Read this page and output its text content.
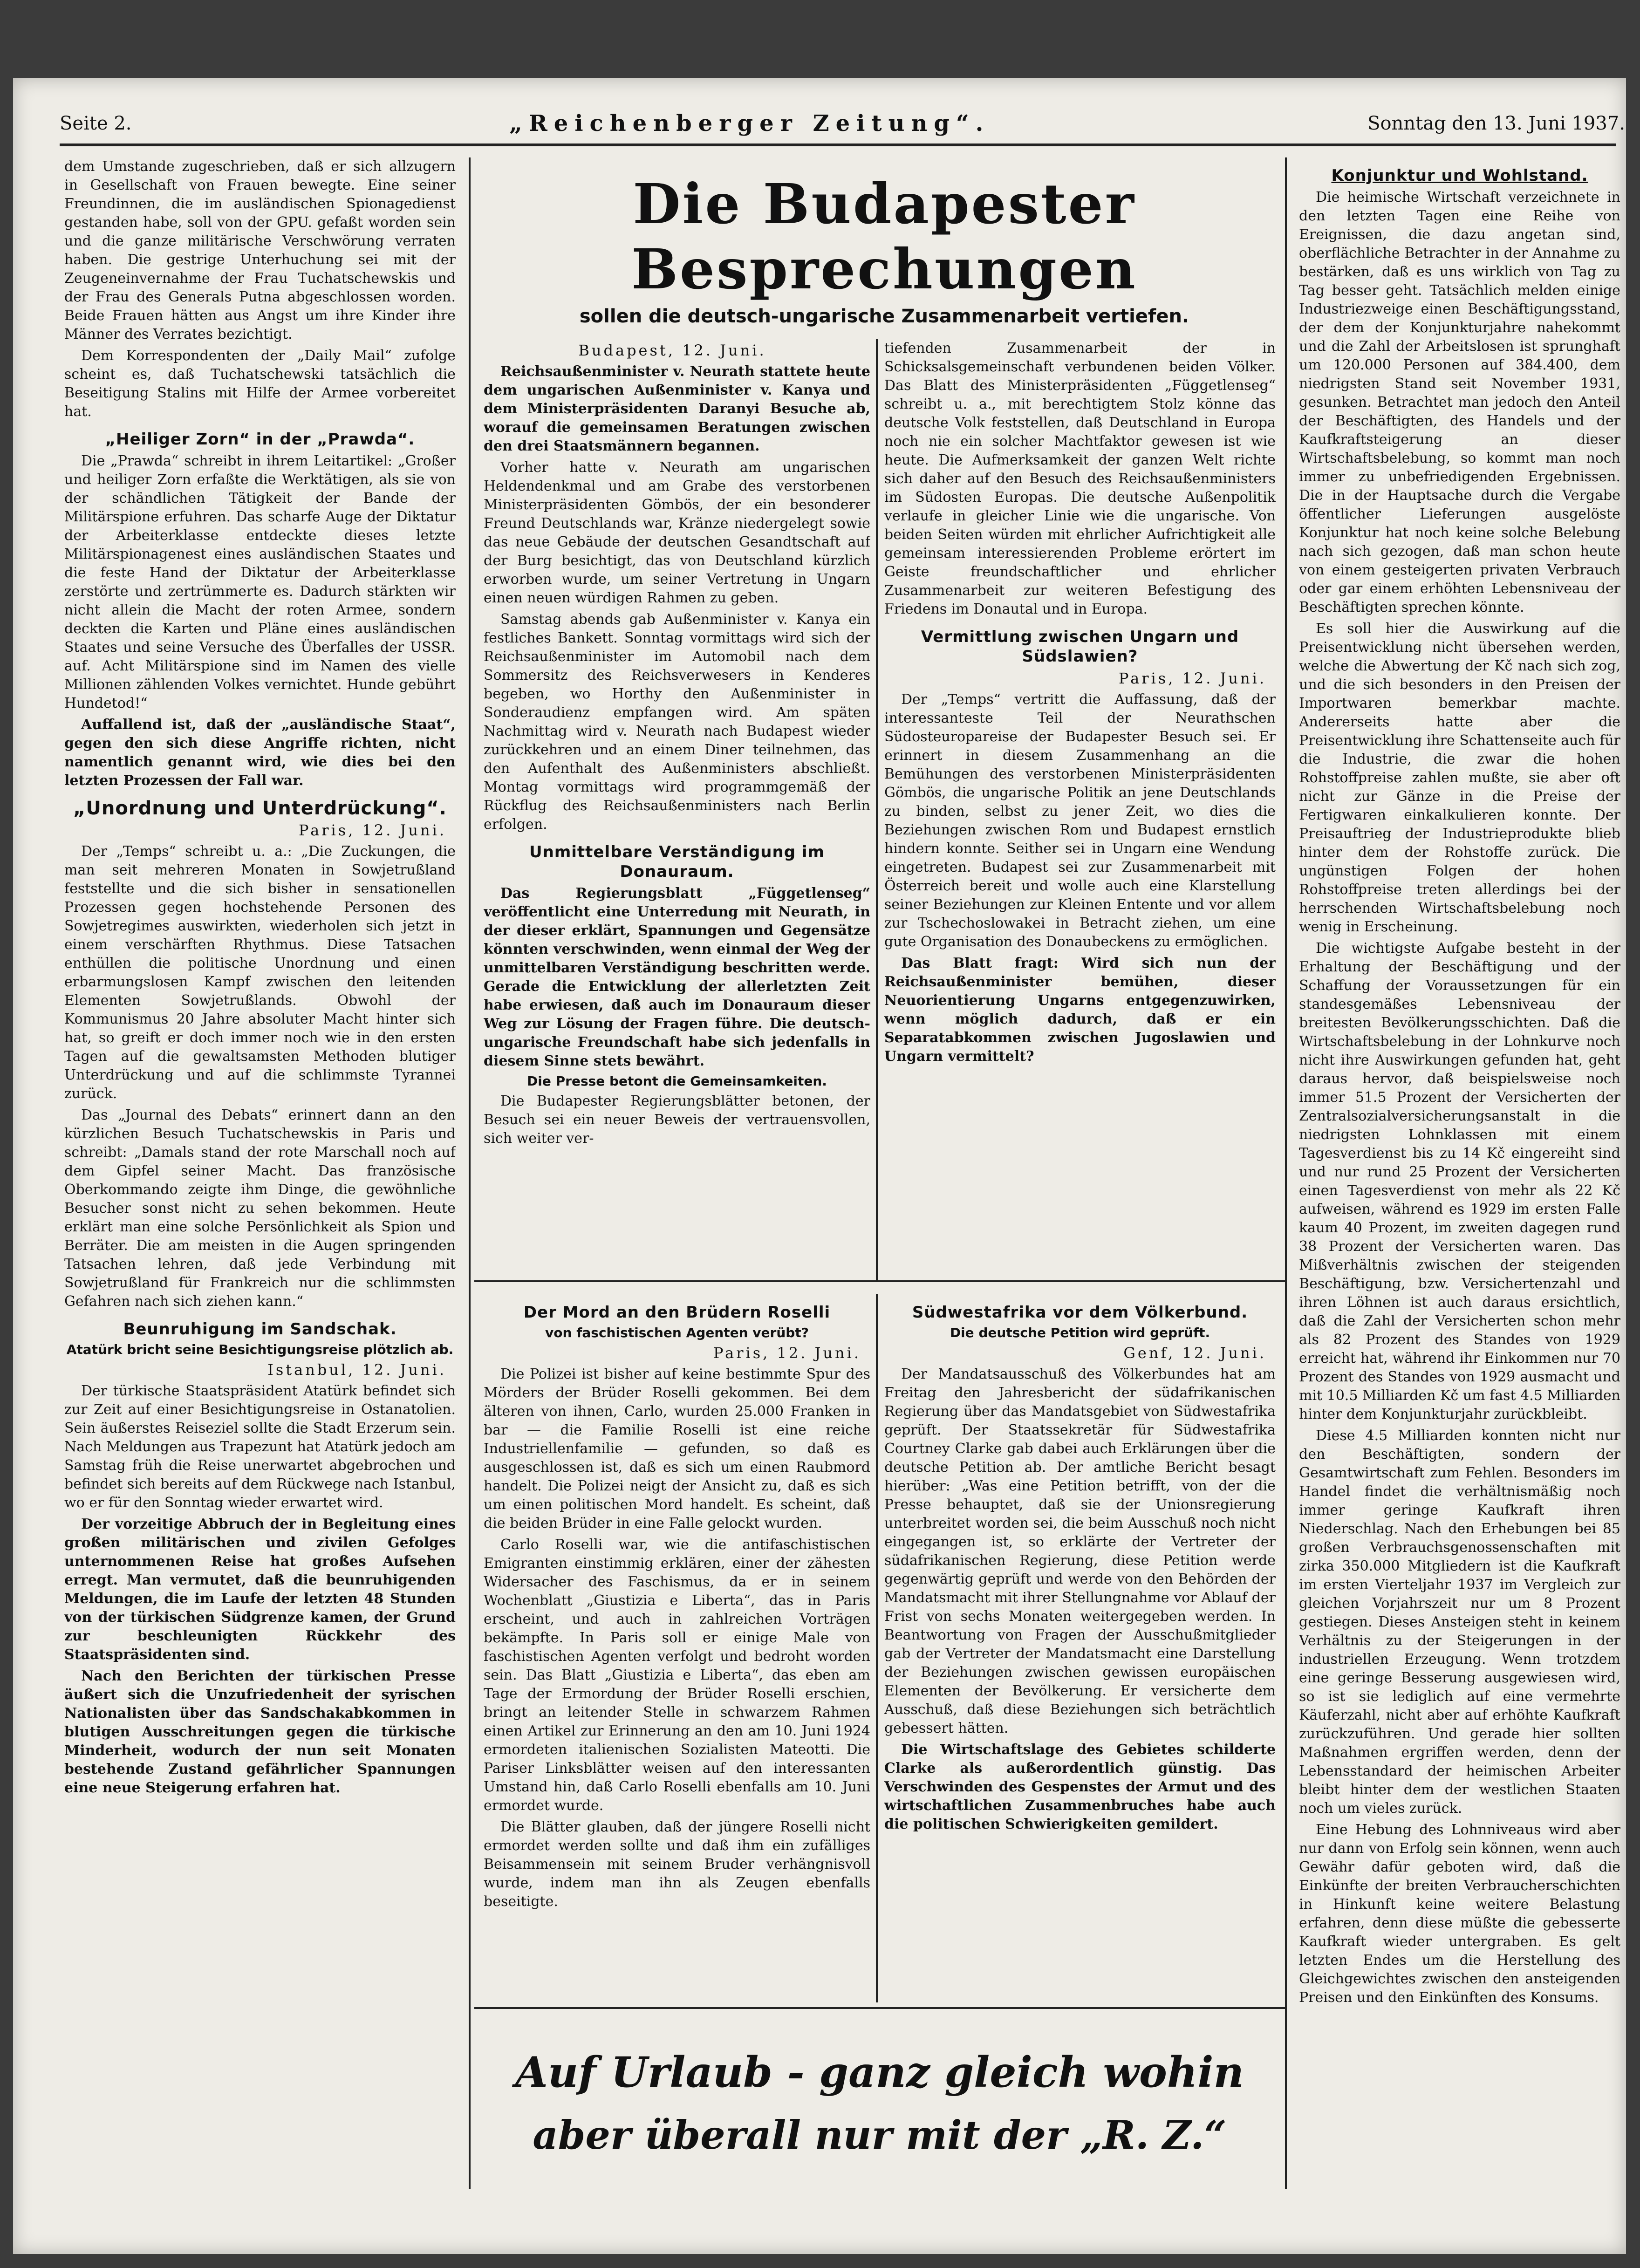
Seite 2.	„Reichenberger Zeitung“.	Sonntag den 13. Juni 1937.

dem Umstande zugeschrieben, daß er sich allzugern in Gesellschaft von Frauen bewegte. Eine seiner Freundinnen, die im ausländischen Spionagedienst gestanden habe, soll von der GPU. gefaßt worden sein und die ganze militärische Verschwörung verraten haben. Die gestrige Unterhuchung sei mit der Zeugeneinvernahme der Frau Tuchatschewskis und der Frau des Generals Putna abgeschlossen worden. Beide Frauen hätten aus Angst um ihre Kinder ihre Männer des Verrates bezichtigt.

Dem Korrespondenten der „Daily Mail“ zufolge scheint es, daß Tuchatschewski tatsächlich die Beseitigung Stalins mit Hilfe der Armee vorbereitet hat.

„Heiliger Zorn“ in der „Prawda“.

Die „Prawda“ schreibt in ihrem Leitartikel: „Großer und heiliger Zorn erfaßte die Werktätigen, als sie von der schändlichen Tätigkeit der Bande der Militärspione erfuhren. Das scharfe Auge der Diktatur der Arbeiterklasse entdeckte dieses letzte Militärspionagenest eines ausländischen Staates und die feste Hand der Diktatur der Arbeiterklasse zerstörte und zertrümmerte es. Dadurch stärkten wir nicht allein die Macht der roten Armee, sondern deckten die Karten und Pläne eines ausländischen Staates und seine Versuche des Überfalles der USSR. auf. Acht Militärspione sind im Namen des vielle Millionen zählenden Volkes vernichtet. Hunde gebührt Hundetod!“

Auffallend ist, daß der „ausländische Staat“, gegen den sich diese Angriffe richten, nicht namentlich genannt wird, wie dies bei den letzten Prozessen der Fall war.

„Unordnung und Unterdrückung“.
Paris, 12. Juni.

Der „Temps“ schreibt u. a.: „Die Zuckungen, die man seit mehreren Monaten in Sowjetrußland feststellte und die sich bisher in sensationellen Prozessen gegen hochstehende Personen des Sowjetregimes auswirkten, wiederholen sich jetzt in einem verschärften Rhythmus. Diese Tatsachen enthüllen die politische Unordnung und einen erbarmungslosen Kampf zwischen den leitenden Elementen Sowjetrußlands. Obwohl der Kommunismus 20 Jahre absoluter Macht hinter sich hat, so greift er doch immer noch wie in den ersten Tagen auf die gewaltsamsten Methoden blutiger Unterdrückung und auf die schlimmste Tyrannei zurück.

Das „Journal des Debats“ erinnert dann an den kürzlichen Besuch Tuchatschewskis in Paris und schreibt: „Damals stand der rote Marschall noch auf dem Gipfel seiner Macht. Das französische Oberkommando zeigte ihm Dinge, die gewöhnliche Besucher sonst nicht zu sehen bekommen. Heute erklärt man eine solche Persönlichkeit als Spion und Berräter. Die am meisten in die Augen springenden Tatsachen lehren, daß jede Verbindung mit Sowjetrußland für Frankreich nur die schlimmsten Gefahren nach sich ziehen kann.“

Beunruhigung im Sandschak.
Atatürk bricht seine Besichtigungsreise plötzlich ab.
Istanbul, 12. Juni.

Der türkische Staatspräsident Atatürk befindet sich zur Zeit auf einer Besichtigungsreise in Ostanatolien. Sein äußerstes Reiseziel sollte die Stadt Erzerum sein. Nach Meldungen aus Trapezunt hat Atatürk jedoch am Samstag früh die Reise unerwartet abgebrochen und befindet sich bereits auf dem Rückwege nach Istanbul, wo er für den Sonntag wieder erwartet wird.

Der vorzeitige Abbruch der in Begleitung eines großen militärischen und zivilen Gefolges unternommenen Reise hat großes Aufsehen erregt. Man vermutet, daß die beunruhigenden Meldungen, die im Laufe der letzten 48 Stunden von der türkischen Südgrenze kamen, der Grund zur beschleunigten Rückkehr des Staatspräsidenten sind.

Nach den Berichten der türkischen Presse äußert sich die Unzufriedenheit der syrischen Nationalisten über das Sandschakabkommen in blutigen Ausschreitungen gegen die türkische Minderheit, wodurch der nun seit Monaten bestehende Zustand gefährlicher Spannungen eine neue Steigerung erfahren hat.

Die Budapester Besprechungen
sollen die deutsch-ungarische Zusammenarbeit vertiefen.
Budapest, 12. Juni.

Reichsaußenminister v. Neurath stattete heute dem ungarischen Außenminister v. Kanya und dem Ministerpräsidenten Daranyi Besuche ab, worauf die gemeinsamen Beratungen zwischen den drei Staatsmännern begannen.

Vorher hatte v. Neurath am ungarischen Heldendenkmal und am Grabe des verstorbenen Ministerpräsidenten Gömbös, der ein besonderer Freund Deutschlands war, Kränze niedergelegt sowie das neue Gebäude der deutschen Gesandtschaft auf der Burg besichtigt, das von Deutschland kürzlich erworben wurde, um seiner Vertretung in Ungarn einen neuen würdigen Rahmen zu geben.

Samstag abends gab Außenminister v. Kanya ein festliches Bankett. Sonntag vormittags wird sich der Reichsaußenminister im Automobil nach dem Sommersitz des Reichsverwesers in Kenderes begeben, wo Horthy den Außenminister in Sonderaudienz empfangen wird. Am späten Nachmittag wird v. Neurath nach Budapest wieder zurückkehren und an einem Diner teilnehmen, das den Aufenthalt des Außenministers abschließt. Montag vormittags wird programmgemäß der Rückflug des Reichsaußenministers nach Berlin erfolgen.

Unmittelbare Verständigung im Donauraum.

Das Regierungsblatt „Függetlenseg“ veröffentlicht eine Unterredung mit Neurath, in der dieser erklärt, Spannungen und Gegensätze könnten verschwinden, wenn einmal der Weg der unmittelbaren Verständigung beschritten werde. Gerade die Entwicklung der allerletzten Zeit habe erwiesen, daß auch im Donauraum dieser Weg zur Lösung der Fragen führe. Die deutsch-ungarische Freundschaft habe sich jedenfalls in diesem Sinne stets bewährt.

Die Presse betont die Gemeinsamkeiten.

Die Budapester Regierungsblätter betonen, der Besuch sei ein neuer Beweis der vertrauensvollen, sich weiter ver-

tiefenden Zusammenarbeit der in Schicksalsgemeinschaft verbundenen beiden Völker. Das Blatt des Ministerpräsidenten „Függetlenseg“ schreibt u. a., mit berechtigtem Stolz könne das deutsche Volk feststellen, daß Deutschland in Europa noch nie ein solcher Machtfaktor gewesen ist wie heute. Die Aufmerksamkeit der ganzen Welt richte sich daher auf den Besuch des Reichsaußenministers im Südosten Europas. Die deutsche Außenpolitik verlaufe in gleicher Linie wie die ungarische. Von beiden Seiten würden mit ehrlicher Aufrichtigkeit alle gemeinsam interessierenden Probleme erörtert im Geiste freundschaftlicher und ehrlicher Zusammenarbeit zur weiteren Befestigung des Friedens im Donautal und in Europa.

Vermittlung zwischen Ungarn und Südslawien?
Paris, 12. Juni.

Der „Temps“ vertritt die Auffassung, daß der interessanteste Teil der Neurathschen Südosteuropareise der Budapester Besuch sei. Er erinnert in diesem Zusammenhang an die Bemühungen des verstorbenen Ministerpräsidenten Gömbös, die ungarische Politik an jene Deutschlands zu binden, selbst zu jener Zeit, wo dies die Beziehungen zwischen Rom und Budapest ernstlich hindern konnte. Seither sei in Ungarn eine Wendung eingetreten. Budapest sei zur Zusammenarbeit mit Österreich bereit und wolle auch eine Klarstellung seiner Beziehungen zur Kleinen Entente und vor allem zur Tschechoslowakei in Betracht ziehen, um eine gute Organisation des Donaubeckens zu ermöglichen.

Das Blatt fragt: Wird sich nun der Reichsaußenminister bemühen, dieser Neuorientierung Ungarns entgegenzuwirken, wenn möglich dadurch, daß er ein Separatabkommen zwischen Jugoslawien und Ungarn vermittelt?

Der Mord an den Brüdern Roselli
von faschistischen Agenten verübt?
Paris, 12. Juni.

Die Polizei ist bisher auf keine bestimmte Spur des Mörders der Brüder Roselli gekommen. Bei dem älteren von ihnen, Carlo, wurden 25.000 Franken in bar — die Familie Roselli ist eine reiche Industriellenfamilie — gefunden, so daß es ausgeschlossen ist, daß es sich um einen Raubmord handelt. Die Polizei neigt der Ansicht zu, daß es sich um einen politischen Mord handelt. Es scheint, daß die beiden Brüder in eine Falle gelockt wurden.

Carlo Roselli war, wie die antifaschistischen Emigranten einstimmig erklären, einer der zähesten Widersacher des Faschismus, da er in seinem Wochenblatt „Giustizia e Liberta“, das in Paris erscheint, und auch in zahlreichen Vorträgen bekämpfte. In Paris soll er einige Male von faschistischen Agenten verfolgt und bedroht worden sein. Das Blatt „Giustizia e Liberta“, das eben am Tage der Ermordung der Brüder Roselli erschien, bringt an leitender Stelle in schwarzem Rahmen einen Artikel zur Erinnerung an den am 10. Juni 1924 ermordeten italienischen Sozialisten Mateotti. Die Pariser Linksblätter weisen auf den interessanten Umstand hin, daß Carlo Roselli ebenfalls am 10. Juni ermordet wurde.

Die Blätter glauben, daß der jüngere Roselli nicht ermordet werden sollte und daß ihm ein zufälliges Beisammensein mit seinem Bruder verhängnisvoll wurde, indem man ihn als Zeugen ebenfalls beseitigte.

Südwestafrika vor dem Völkerbund.
Die deutsche Petition wird geprüft.
Genf, 12. Juni.

Der Mandatsausschuß des Völkerbundes hat am Freitag den Jahresbericht der südafrikanischen Regierung über das Mandatsgebiet von Südwestafrika geprüft. Der Staatssekretär für Südwestafrika Courtney Clarke gab dabei auch Erklärungen über die deutsche Petition ab. Der amtliche Bericht besagt hierüber: „Was eine Petition betrifft, von der die Presse behauptet, daß sie der Unionsregierung unterbreitet worden sei, die beim Ausschuß noch nicht eingegangen ist, so erklärte der Vertreter der südafrikanischen Regierung, diese Petition werde gegenwärtig geprüft und werde von den Behörden der Mandatsmacht mit ihrer Stellungnahme vor Ablauf der Frist von sechs Monaten weitergegeben werden. In Beantwortung von Fragen der Ausschußmitglieder gab der Vertreter der Mandatsmacht eine Darstellung der Beziehungen zwischen gewissen europäischen Elementen der Bevölkerung. Er versicherte dem Ausschuß, daß diese Beziehungen sich beträchtlich gebessert hätten.

Die Wirtschaftslage des Gebietes schilderte Clarke als außerordentlich günstig. Das Verschwinden des Gespenstes der Armut und des wirtschaftlichen Zusammenbruches habe auch die politischen Schwierigkeiten gemildert.

Konjunktur und Wohlstand.

Die heimische Wirtschaft verzeichnete in den letzten Tagen eine Reihe von Ereignissen, die dazu angetan sind, oberflächliche Betrachter in der Annahme zu bestärken, daß es uns wirklich von Tag zu Tag besser geht. Tatsächlich melden einige Industriezweige einen Beschäftigungsstand, der dem der Konjunkturjahre nahekommt und die Zahl der Arbeitslosen ist sprunghaft um 120.000 Personen auf 384.400, dem niedrigsten Stand seit November 1931, gesunken. Betrachtet man jedoch den Anteil der Beschäftigten, des Handels und der Kaufkraftsteigerung an dieser Wirtschaftsbelebung, so kommt man noch immer zu unbefriedigenden Ergebnissen. Die in der Hauptsache durch die Vergabe öffentlicher Lieferungen ausgelöste Konjunktur hat noch keine solche Belebung nach sich gezogen, daß man schon heute von einem gesteigerten privaten Verbrauch oder gar einem erhöhten Lebensniveau der Beschäftigten sprechen könnte.

Es soll hier die Auswirkung auf die Preisentwicklung nicht übersehen werden, welche die Abwertung der Kč nach sich zog, und die sich besonders in den Preisen der Importwaren bemerkbar machte. Andererseits hatte aber die Preisentwicklung ihre Schattenseite auch für die Industrie, die zwar die hohen Rohstoffpreise zahlen mußte, sie aber oft nicht zur Gänze in die Preise der Fertigwaren einkalkulieren konnte. Der Preisauftrieg der Industrieprodukte blieb hinter dem der Rohstoffe zurück. Die ungünstigen Folgen der hohen Rohstoffpreise treten allerdings bei der herrschenden Wirtschaftsbelebung noch wenig in Erscheinung.

Die wichtigste Aufgabe besteht in der Erhaltung der Beschäftigung und der Schaffung der Voraussetzungen für ein standesgemäßes Lebensniveau der breitesten Bevölkerungsschichten. Daß die Wirtschaftsbelebung in der Lohnkurve noch nicht ihre Auswirkungen gefunden hat, geht daraus hervor, daß beispielsweise noch immer 51.5 Prozent der Versicherten der Zentralsozialversicherungsanstalt in die niedrigsten Lohnklassen mit einem Tagesverdienst bis zu 14 Kč eingereiht sind und nur rund 25 Prozent der Versicherten einen Tagesverdienst von mehr als 22 Kč aufweisen, während es 1929 im ersten Falle kaum 40 Prozent, im zweiten dagegen rund 38 Prozent der Versicherten waren. Das Mißverhältnis zwischen der steigenden Beschäftigung, bzw. Versichertenzahl und ihren Löhnen ist auch daraus ersichtlich, daß die Zahl der Versicherten schon mehr als 82 Prozent des Standes von 1929 erreicht hat, während ihr Einkommen nur 70 Prozent des Standes von 1929 ausmacht und mit 10.5 Milliarden Kč um fast 4.5 Milliarden hinter dem Konjunkturjahr zurückbleibt.

Diese 4.5 Milliarden konnten nicht nur den Beschäftigten, sondern der Gesamtwirtschaft zum Fehlen. Besonders im Handel findet die verhältnismäßig noch immer geringe Kaufkraft ihren Niederschlag. Nach den Erhebungen bei 85 großen Verbrauchsgenossenschaften mit zirka 350.000 Mitgliedern ist die Kaufkraft im ersten Vierteljahr 1937 im Vergleich zur gleichen Vorjahrszeit nur um 8 Prozent gestiegen. Dieses Ansteigen steht in keinem Verhältnis zu der Steigerungen in der industriellen Erzeugung. Wenn trotzdem eine geringe Besserung ausgewiesen wird, so ist sie lediglich auf eine vermehrte Käuferzahl, nicht aber auf erhöhte Kaufkraft zurückzuführen. Und gerade hier sollten Maßnahmen ergriffen werden, denn der Lebensstandard der heimischen Arbeiter bleibt hinter dem der westlichen Staaten noch um vieles zurück.

Eine Hebung des Lohnniveaus wird aber nur dann von Erfolg sein können, wenn auch Gewähr dafür geboten wird, daß die Einkünfte der breiten Verbraucherschichten in Hinkunft keine weitere Belastung erfahren, denn diese müßte die gebesserte Kaufkraft wieder untergraben. Es gelt letzten Endes um die Herstellung des Gleichgewichtes zwischen den ansteigenden Preisen und den Einkünften des Konsums.

Auf Urlaub - ganz gleich wohin
aber überall nur mit der „R. Z.“
